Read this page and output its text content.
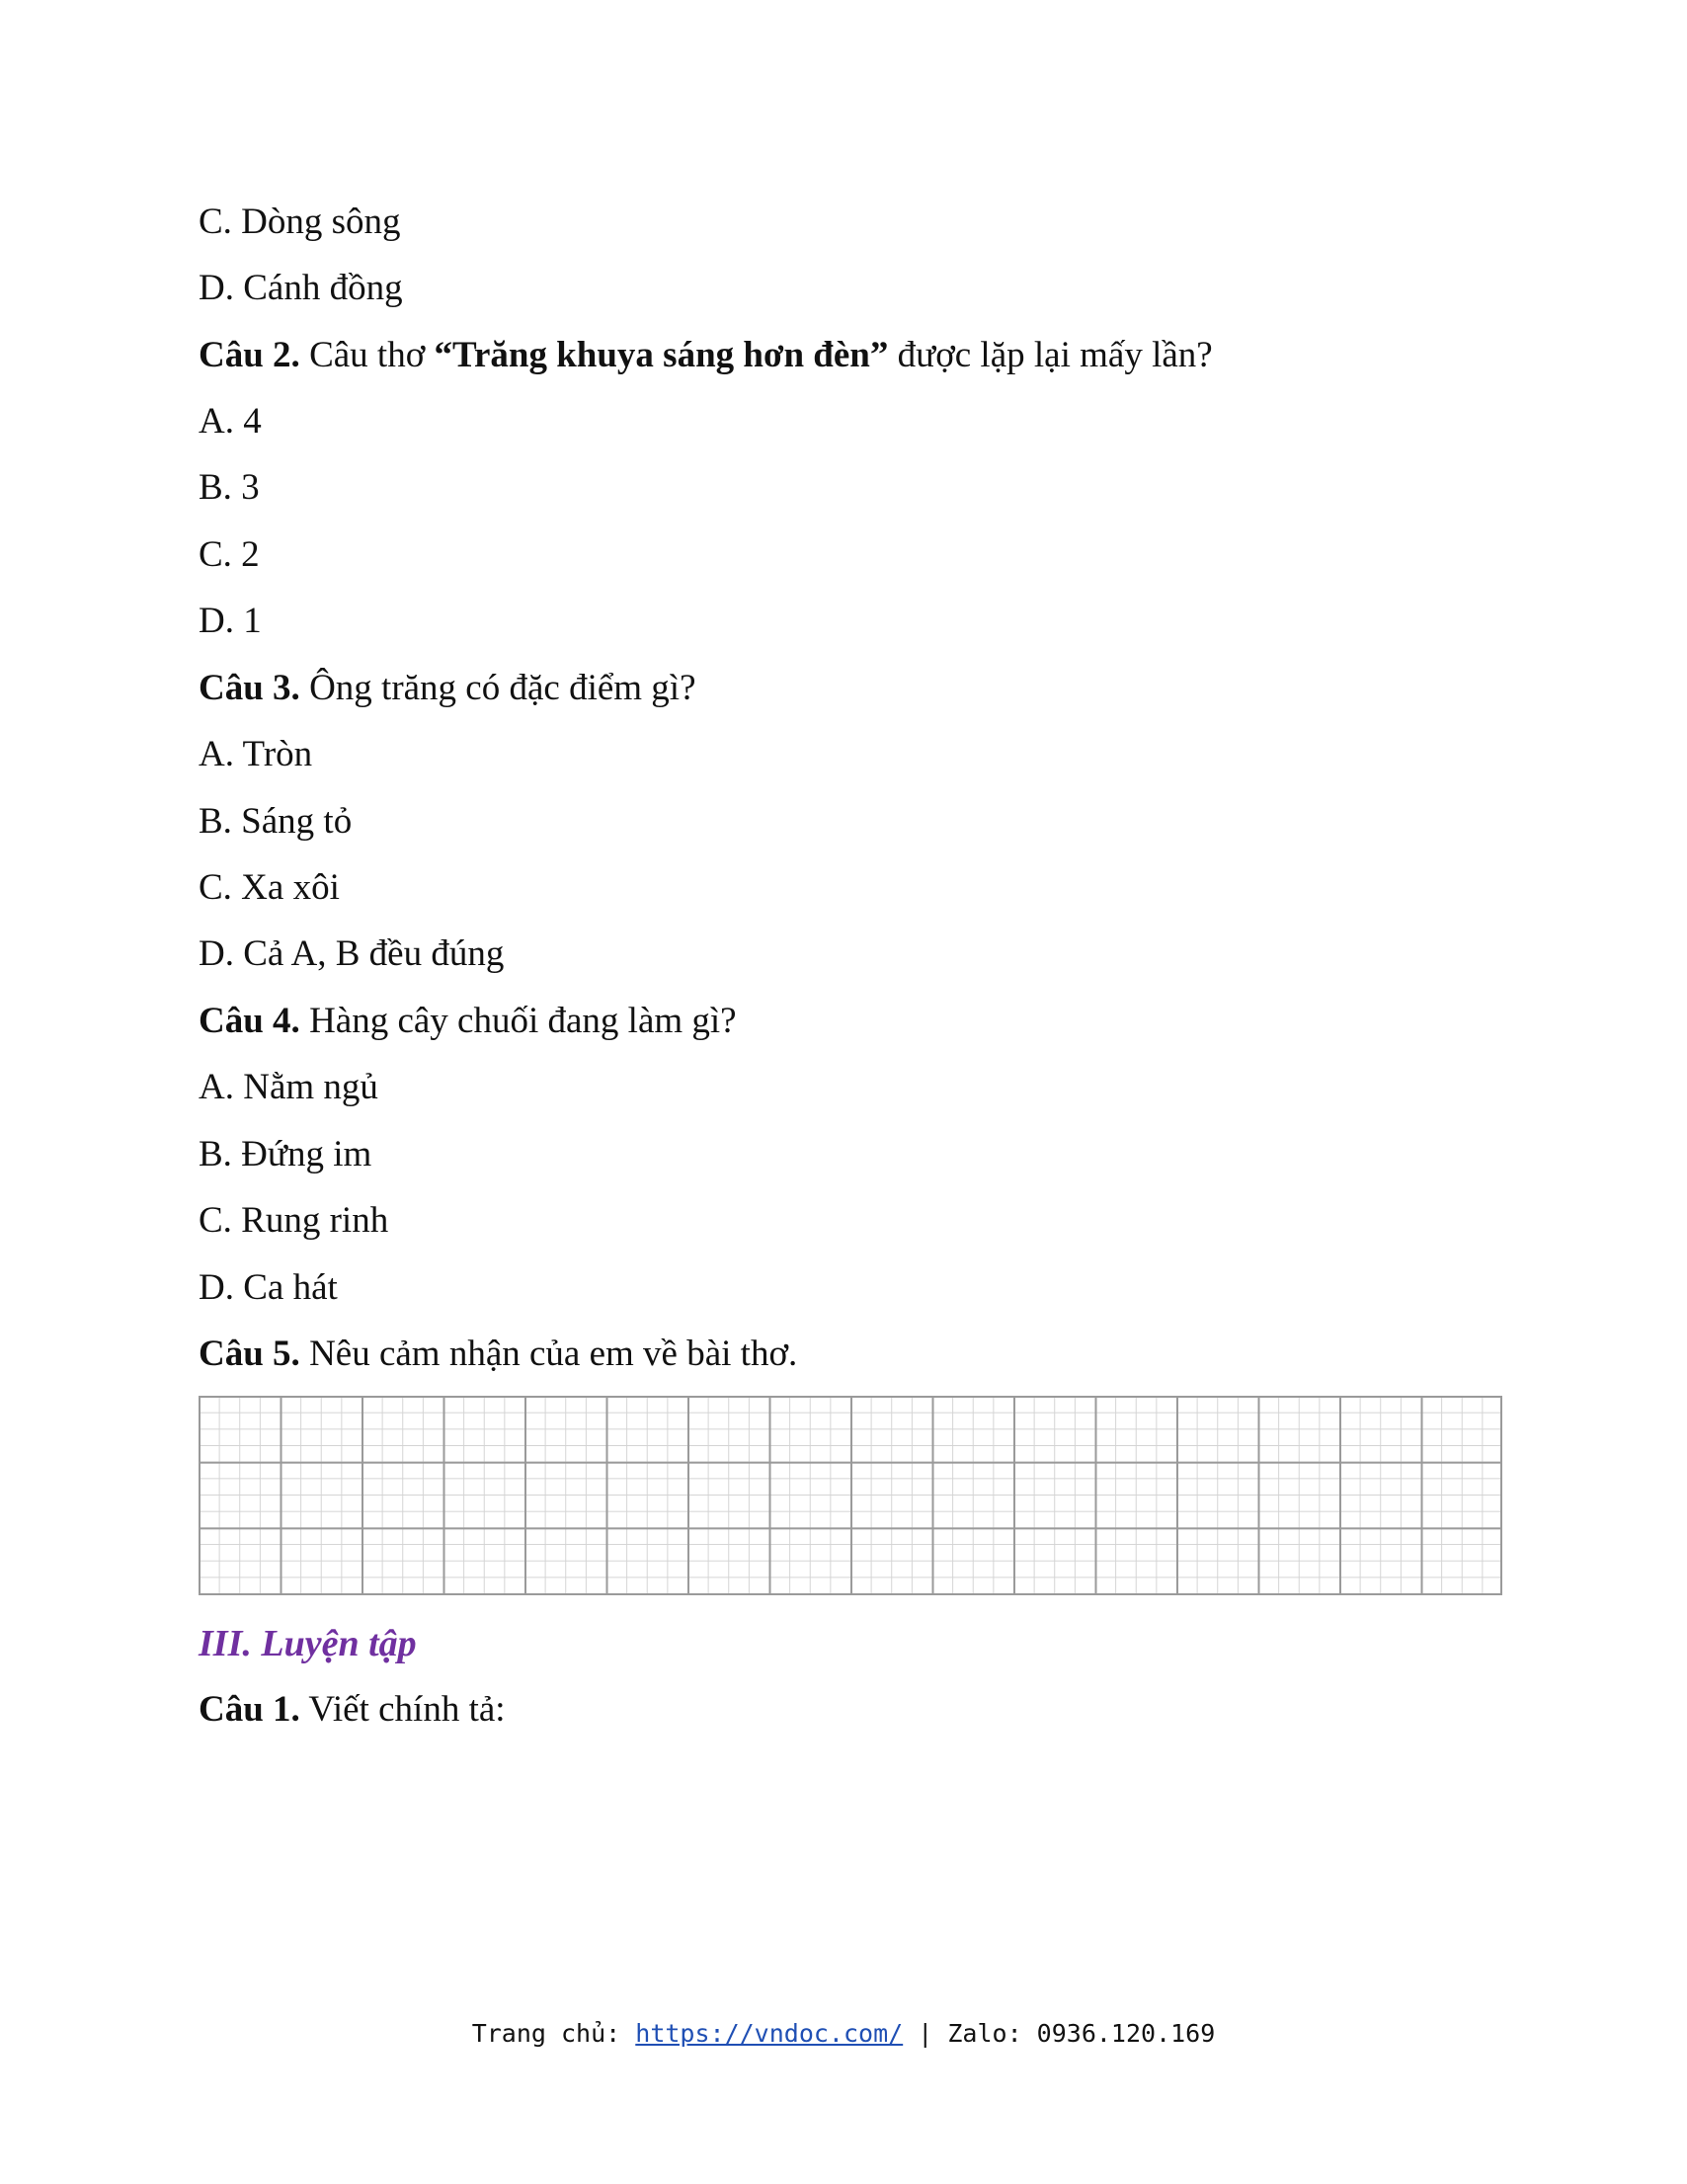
C. Dòng sông
D. Cánh đồng
Câu 2. Câu thơ “Trăng khuya sáng hơn đèn” được lặp lại mấy lần?
A. 4
B. 3
C. 2
D. 1
Câu 3. Ông trăng có đặc điểm gì?
A. Tròn
B. Sáng tỏ
C. Xa xôi
D. Cả A, B đều đúng
Câu 4. Hàng cây chuối đang làm gì?
A. Nằm ngủ
B. Đứng im
C. Rung rinh
D. Ca hát
Câu 5. Nêu cảm nhận của em về bài thơ.
III. Luyện tập
Câu 1. Viết chính tả:
Trang chủ: https://vndoc.com/ | Zalo: 0936.120.169
